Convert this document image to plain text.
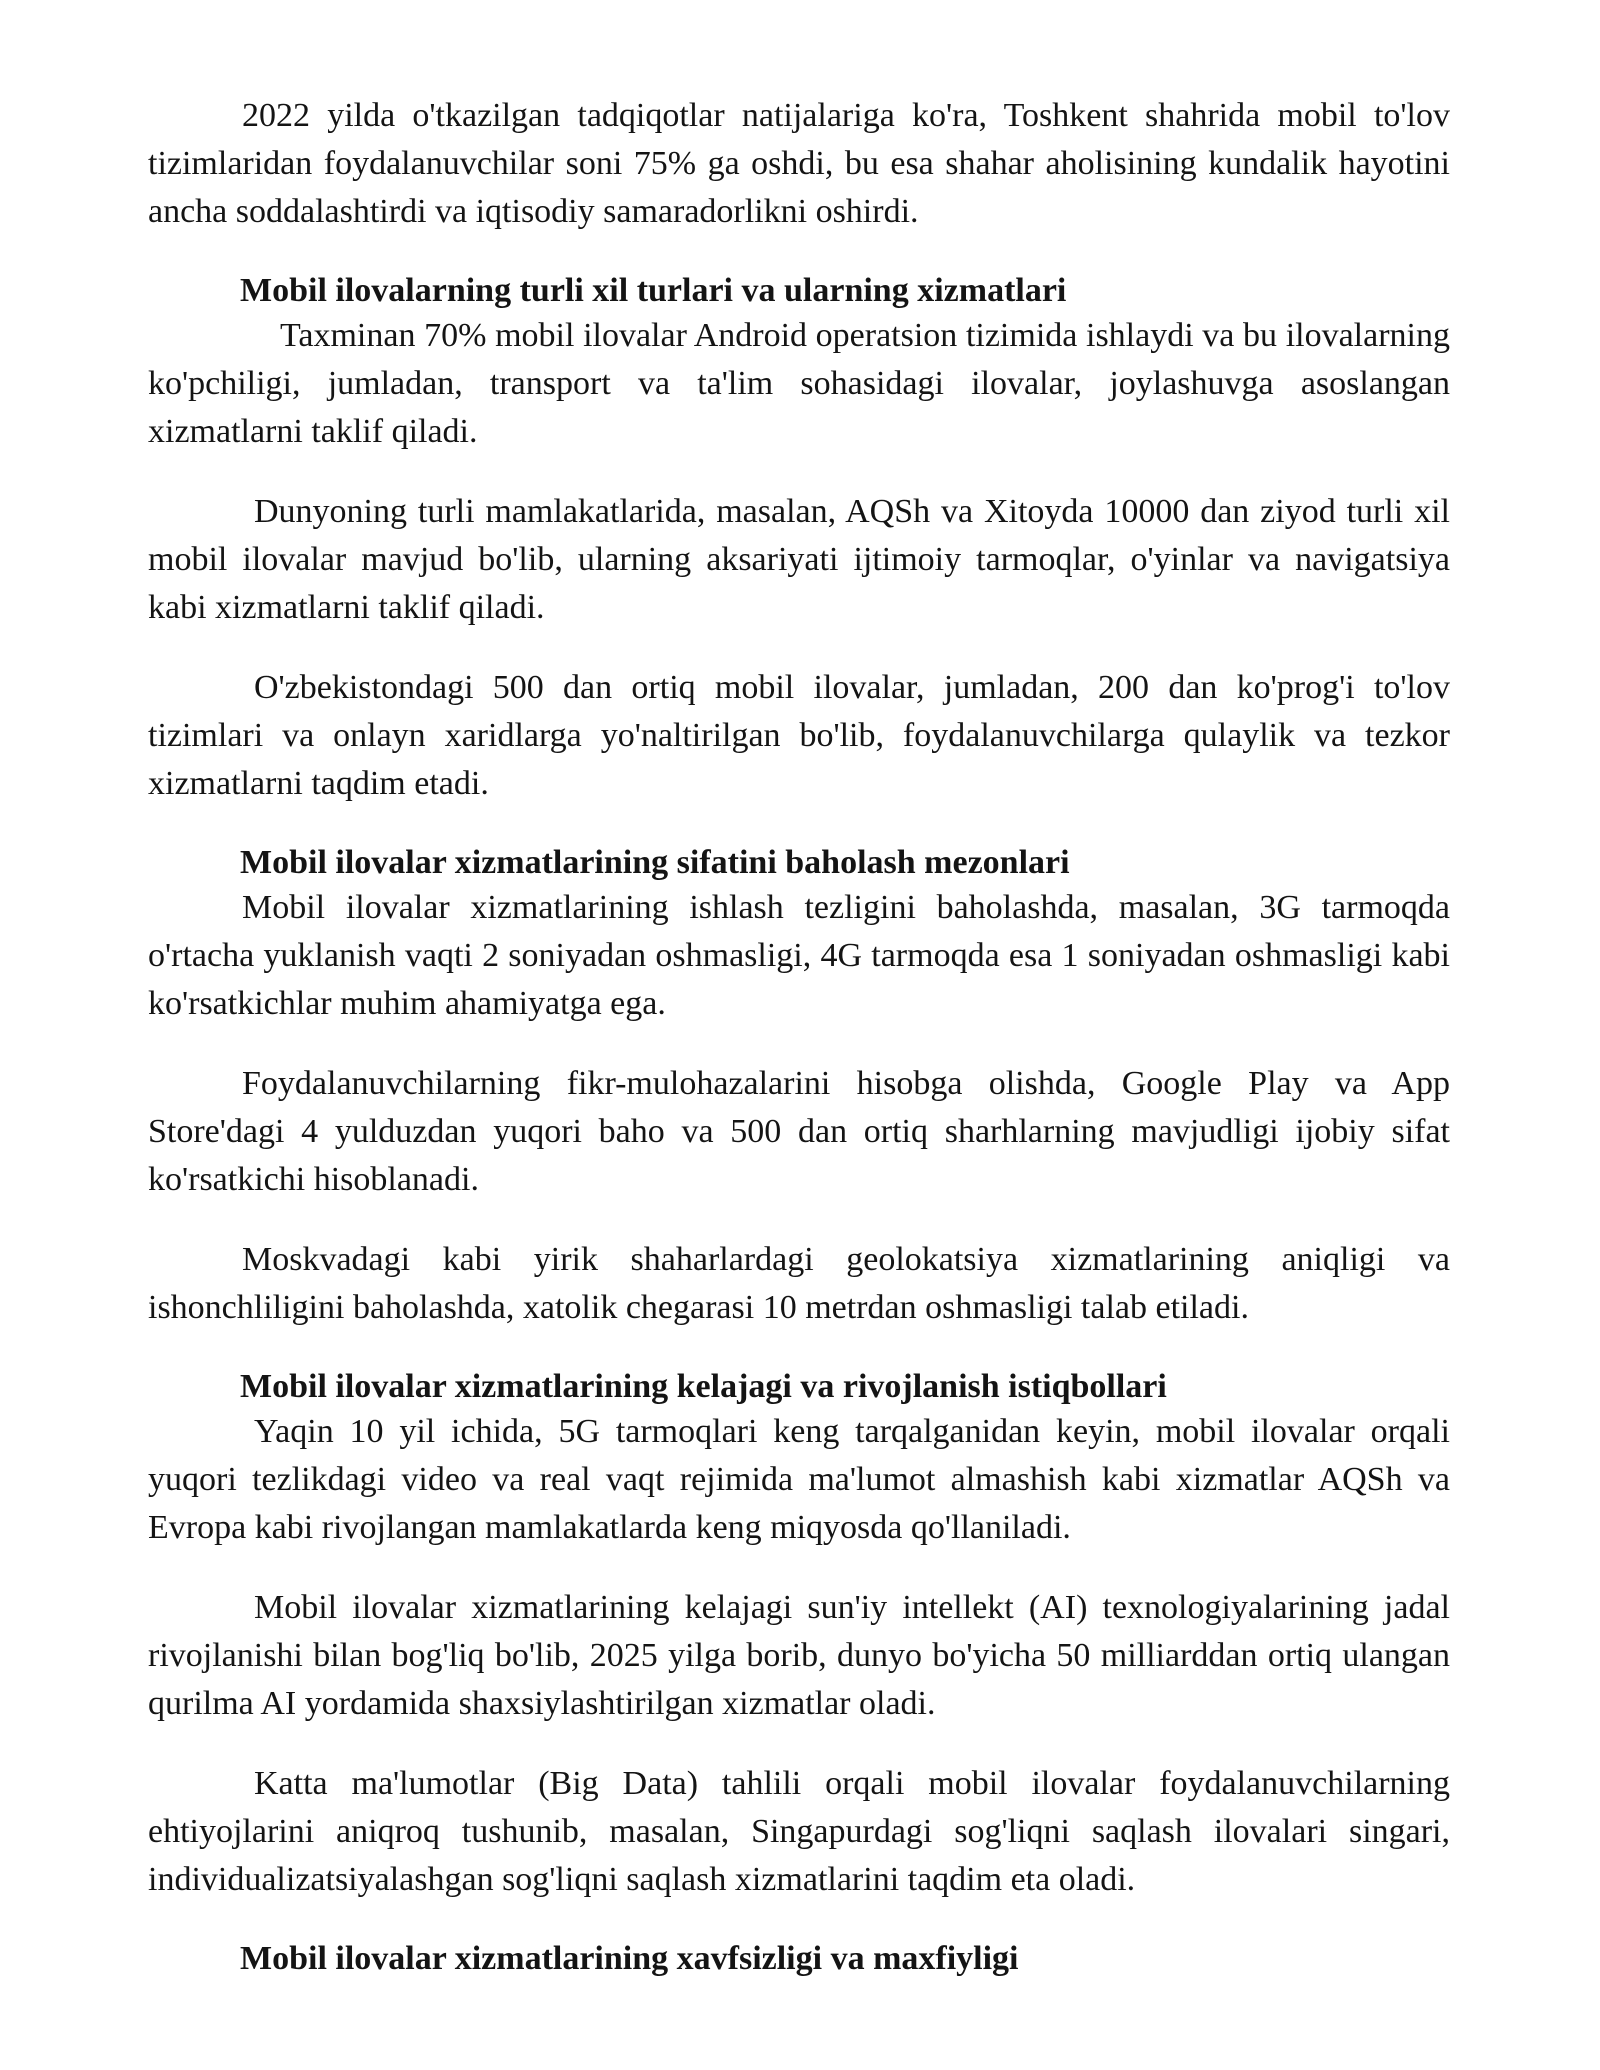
2022 yilda o'tkazilgan tadqiqotlar natijalariga ko'ra, Toshkent shahrida mobil to'lov tizimlaridan foydalanuvchilar soni 75% ga oshdi, bu esa shahar aholisining kundalik hayotini ancha soddalashtirdi va iqtisodiy samaradorlikni oshirdi.

Mobil ilovalarning turli xil turlari va ularning xizmatlari

Taxminan 70% mobil ilovalar Android operatsion tizimida ishlaydi va bu ilovalarning ko'pchiligi, jumladan, transport va ta'lim sohasidagi ilovalar, joylashuvga asoslangan xizmatlarni taklif qiladi.

Dunyoning turli mamlakatlarida, masalan, AQSh va Xitoyda 10000 dan ziyod turli xil mobil ilovalar mavjud bo'lib, ularning aksariyati ijtimoiy tarmoqlar, o'yinlar va navigatsiya kabi xizmatlarni taklif qiladi.

O'zbekistondagi 500 dan ortiq mobil ilovalar, jumladan, 200 dan ko'prog'i to'lov tizimlari va onlayn xaridlarga yo'naltirilgan bo'lib, foydalanuvchilarga qulaylik va tezkor xizmatlarni taqdim etadi.

Mobil ilovalar xizmatlarining sifatini baholash mezonlari

Mobil ilovalar xizmatlarining ishlash tezligini baholashda, masalan, 3G tarmoqda o'rtacha yuklanish vaqti 2 soniyadan oshmasligi, 4G tarmoqda esa 1 soniyadan oshmasligi kabi ko'rsatkichlar muhim ahamiyatga ega.

Foydalanuvchilarning fikr-mulohazalarini hisobga olishda, Google Play va App Store'dagi 4 yulduzdan yuqori baho va 500 dan ortiq sharhlarning mavjudligi ijobiy sifat ko'rsatkichi hisoblanadi.

Moskvadagi kabi yirik shaharlardagi geolokatsiya xizmatlarining aniqligi va ishonchliligini baholashda, xatolik chegarasi 10 metrdan oshmasligi talab etiladi.

Mobil ilovalar xizmatlarining kelajagi va rivojlanish istiqbollari

Yaqin 10 yil ichida, 5G tarmoqlari keng tarqalganidan keyin, mobil ilovalar orqali yuqori tezlikdagi video va real vaqt rejimida ma'lumot almashish kabi xizmatlar AQSh va Evropa kabi rivojlangan mamlakatlarda keng miqyosda qo'llaniladi.

Mobil ilovalar xizmatlarining kelajagi sun'iy intellekt (AI) texnologiyalarining jadal rivojlanishi bilan bog'liq bo'lib, 2025 yilga borib, dunyo bo'yicha 50 milliarddan ortiq ulangan qurilma AI yordamida shaxsiylashtirilgan xizmatlar oladi.

Katta ma'lumotlar (Big Data) tahlili orqali mobil ilovalar foydalanuvchilarning ehtiyojlarini aniqroq tushunib, masalan, Singapurdagi sog'liqni saqlash ilovalari singari, individualizatsiyalashgan sog'liqni saqlash xizmatlarini taqdim eta oladi.

Mobil ilovalar xizmatlarining xavfsizligi va maxfiyligi
